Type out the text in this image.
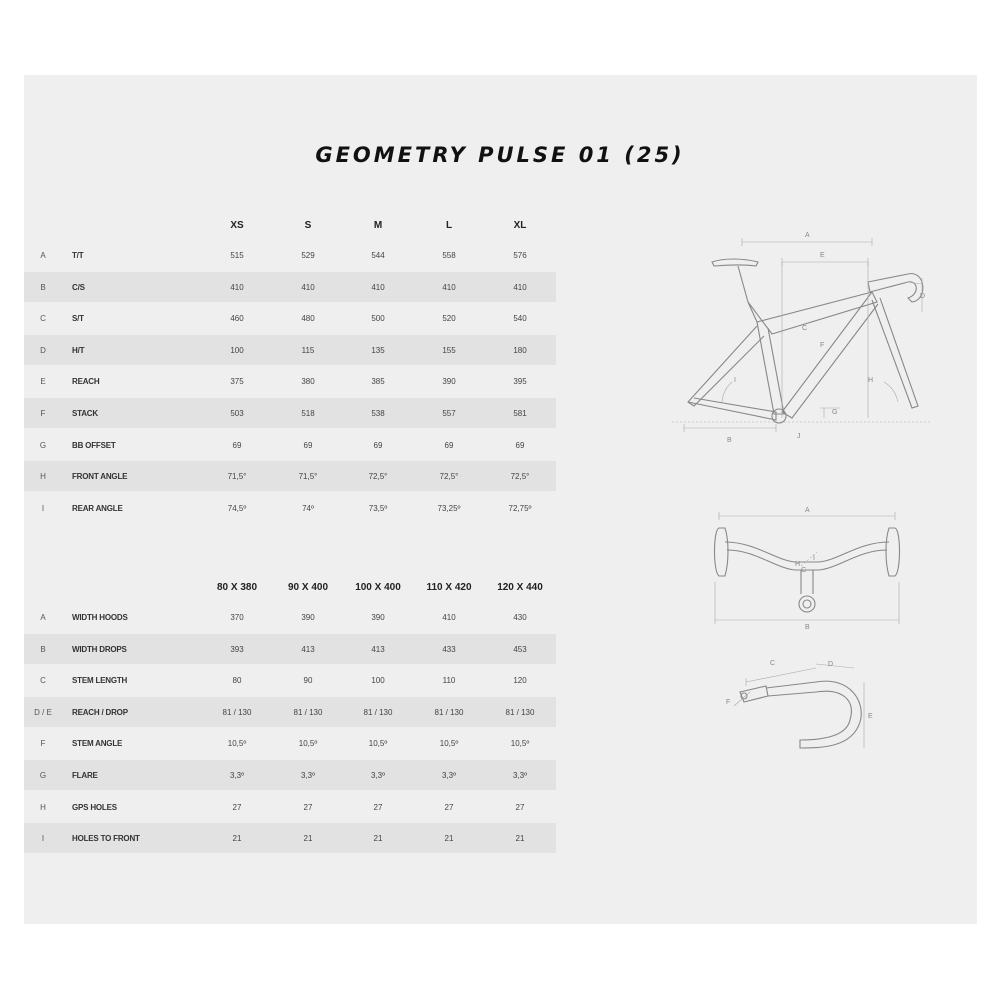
GEOMETRY PULSE 01 (25)
XS	S	M	L	XL
A	T/T	515	529	544	558	576
B	C/S	410	410	410	410	410
C	S/T	460	480	500	520	540
D	H/T	100	115	135	155	180
E	REACH	375	380	385	390	395
F	STACK	503	518	538	557	581
G	BB OFFSET	69	69	69	69	69
H	FRONT ANGLE	71,5°	71,5°	72,5°	72,5°	72,5°
I	REAR ANGLE	74,5º	74º	73,5º	73,25º	72,75º
80 X 380	90 X 400	100 X 400	110 X 420	120 X 440
A	WIDTH HOODS	370	390	390	410	430
B	WIDTH DROPS	393	413	413	433	453
C	STEM LENGTH	80	90	100	110	120
D / E	REACH / DROP	81 / 130	81 / 130	81 / 130	81 / 130	81 / 130
F	STEM ANGLE	10,5º	10,5º	10,5º	10,5º	10,5º
G	FLARE	3,3º	3,3º	3,3º	3,3º	3,3º
H	GPS HOLES	27	27	27	27	27
I	HOLES TO FRONT	21	21	21	21	21
A
E
C
F
D
I	H
G
B
J
A
I
G
H
B
C	D
F
E
